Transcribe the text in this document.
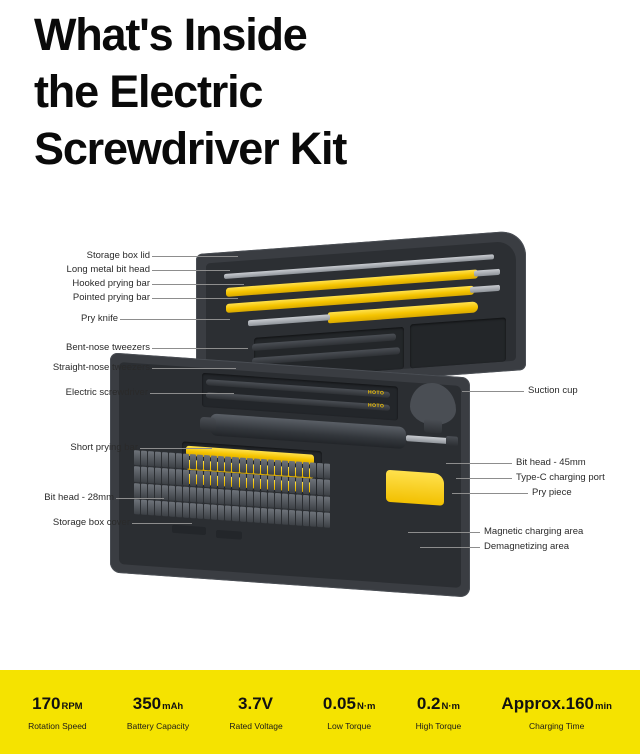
What's Inside
the Electric
Screwdriver Kit
HOTO
HOTO
Storage box lid
Long metal bit head
Hooked prying bar
Pointed prying bar
Pry knife
Bent-nose tweezers
Straight-nose tweezers
Electric screwdriver
Short prying bar
Bit head - 28mm
Storage box cover
Suction cup
Bit head - 45mm
Type-C charging port
Pry piece
Magnetic charging area
Demagnetizing area
170RPM
Rotation Speed
350mAh
Battery Capacity
3.7V
Rated Voltage
0.05N·m
Low Torque
0.2N·m
High Torque
Approx.160min
Charging Time
